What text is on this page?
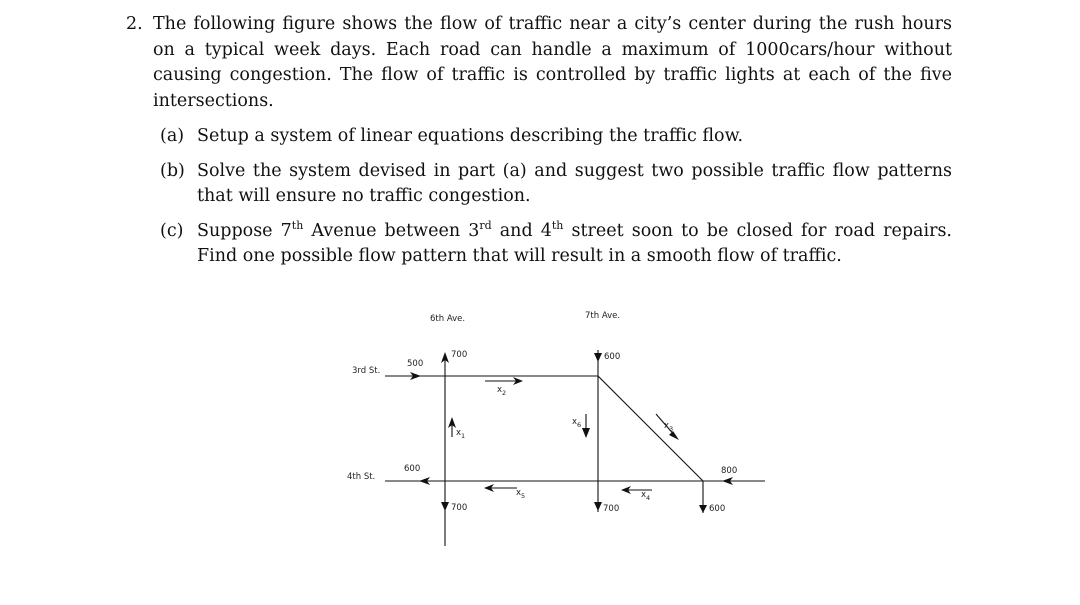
2. The following figure shows the flow of traffic near a city’s center during the rush hours on a typical week days. Each road can handle a maximum of 1000cars/hour without causing congestion. The flow of traffic is controlled by traffic lights at each of the five intersections.
(a) Setup a system of linear equations describing the traffic flow.
(b) Solve the system devised in part (a) and suggest two possible traffic flow patterns that will ensure no traffic congestion.
(c) Suppose 7th Avenue between 3rd and 4th street soon to be closed for road repairs. Find one possible flow pattern that will result in a smooth flow of traffic.
6th Ave.	7th Ave.
3rd St.
4th St.
500
700	600
600	800
700	700	600
$x_1$
$x_2$
$x_3$
$x_4$
$x_5$
$x_6$
